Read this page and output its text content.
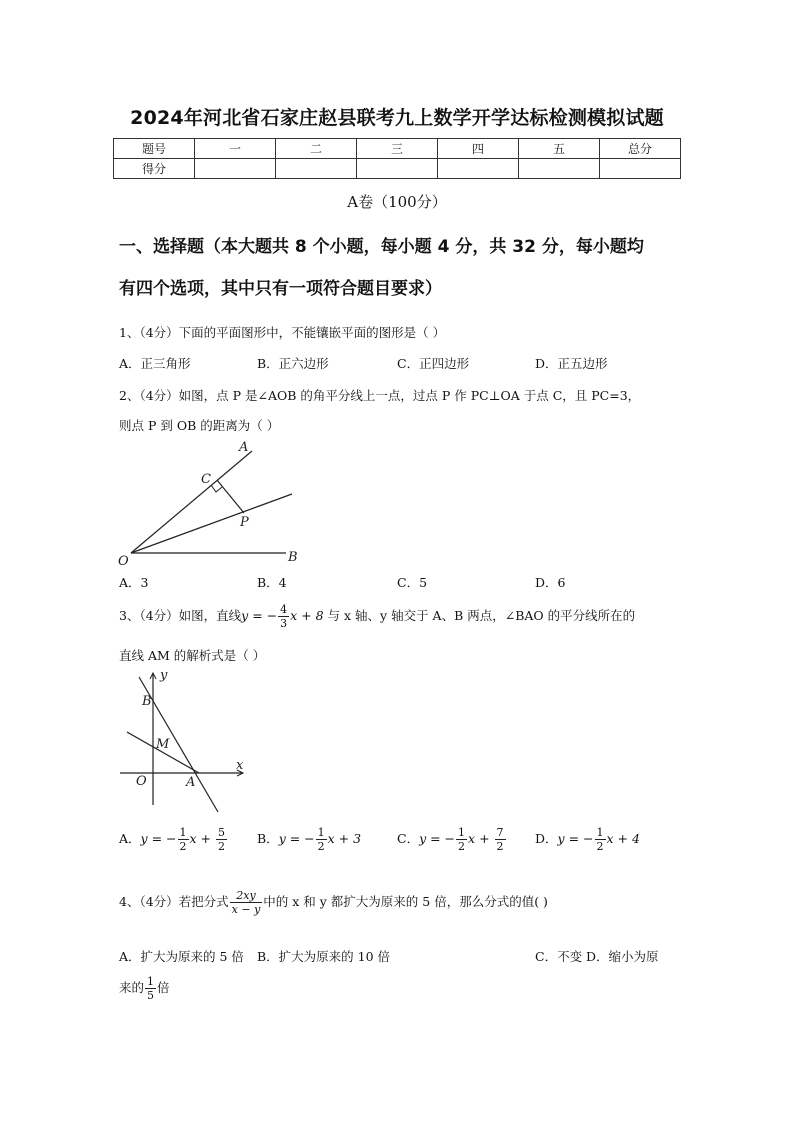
2024年河北省石家庄赵县联考九上数学开学达标检测模拟试题
题号	一	二	三	四	五	总分
得分						
A卷（100分）
一、选择题（本大题共 8 个小题，每小题 4 分，共 32 分，每小题均
有四个选项，其中只有一项符合题目要求）
1、（4分）下面的平面图形中，不能镶嵌平面的图形是（ ）
A．正三角形	B．正六边形	C．正四边形	D．正五边形
2、（4分）如图，点 P 是∠AOB 的角平分线上一点，过点 P 作 PC⊥OA 于点 C，且 PC=3，
则点 P 到 OB 的距离为（ ）
A
C
P
O	B
A．3	B．4	C．5	D．6
3、（4分）如图，直线y = − $\frac{4}{3}$ x + 8 与 x 轴、y 轴交于 A、B 两点，∠BAO 的平分线所在的
直线 AM 的解析式是（ ）
y
B
M
O	A
x
A．y = − $\frac{1}{2}$ $x + \frac{5}{2}$ B．y = − $\frac{1}{2}$ x + 3	C．y = − $\frac{1}{2}$ $x + \frac{7}{2}$ D．y = − $\frac{1}{2}$ x + 4
4、（4分）若把分式 $\frac{2xy}{x - y}$ 中的 x 和 y 都扩大为原来的 5 倍，那么分式的值( )
A．扩大为原来的 5 倍 B．扩大为原来的 10 倍	C．不变 D．缩小为原
来的 $\frac{1}{5}$ 倍
